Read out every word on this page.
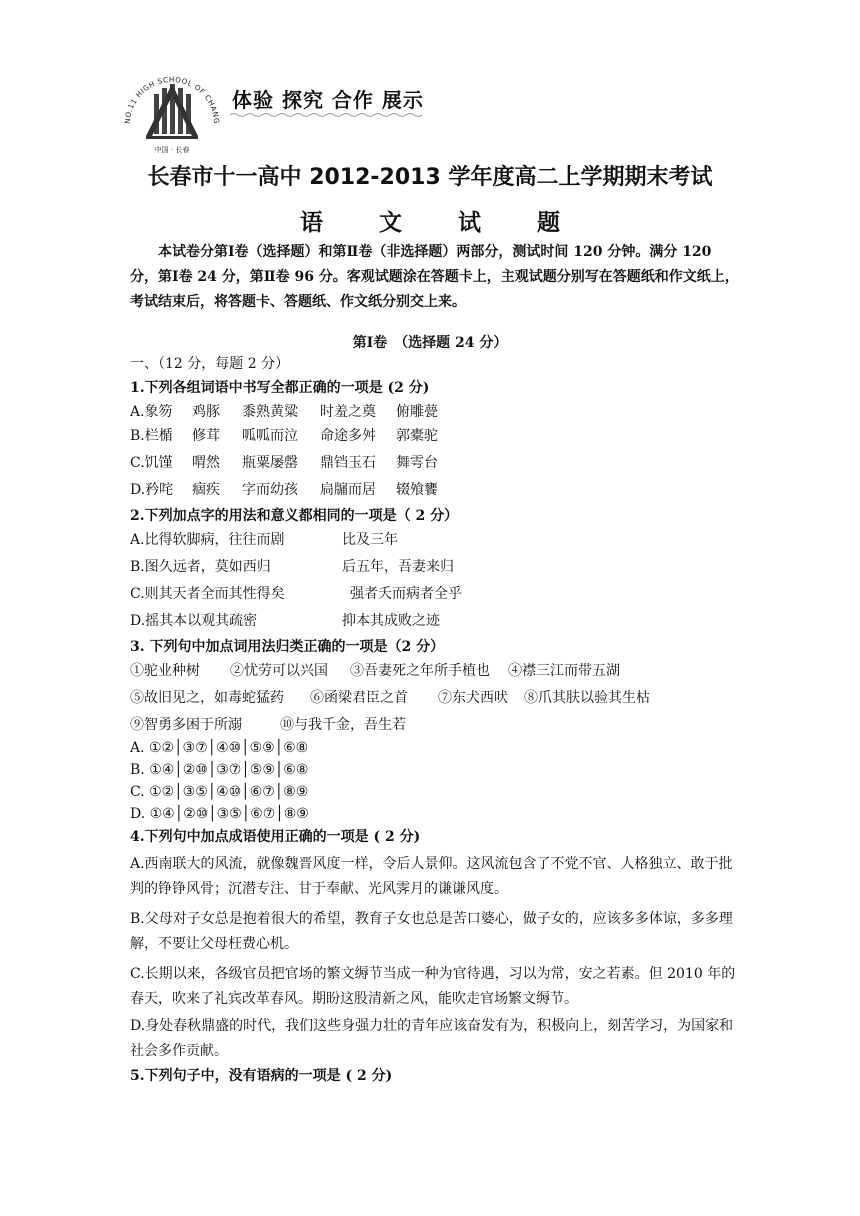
NO.11 HIGH SCHOOL OF CHANG
中国 · 长春
体验 探究 合作 展示
长春市十一高中 2012-2013 学年度高二上学期期末考试
语 文 试 题

本试卷分第Ⅰ卷（选择题）和第Ⅱ卷（非选择题）两部分，测试时间 120 分钟。满分 120 分，第Ⅰ卷 24 分，第Ⅱ卷 96 分。客观试题涂在答题卡上，主观试题分别写在答题纸和作文纸上，考试结束后，将答题卡、答题纸、作文纸分别交上来。

第Ⅰ卷　（选择题 24 分）
一、（12 分，每题 2 分）
1.下列各组词语中书写全都正确的一项是 (2 分)
A.象笏 鸡豚 黍熟黄粱 时羞之奠 俯雕甍
B.栏楯 修茸 呱呱而泣 命途多舛 郭橐驼
C.饥馑 喟然 瓶粟屡罄 鼎铛玉石 舞雩台
D.矜咤 痼疾 字而幼孩 扃牖而居 辍飧饔
2.下列加点字的用法和意义都相同的一项是（ 2 分）
A.比得软脚病，往往而剧	比及三年
B.图久远者，莫如西归	后五年，吾妻来归
C.则其天者全而其性得矣	强者夭而病者全乎
D.摇其本以观其疏密	抑本其成败之迹
3. 下列句中加点词用法归类正确的一项是（2 分）
①驼业种树 ②忧劳可以兴国 ③吾妻死之年所手植也 ④襟三江而带五湖
⑤故旧见之，如毒蛇猛药 ⑥函梁君臣之首 ⑦东犬西吠 ⑧爪其肤以验其生枯
⑨智勇多困于所溺	⑩与我千金，吾生若
A. ①②│③⑦│④⑩│⑤⑨│⑥⑧
B. ①④│②⑩│③⑦│⑤⑨│⑥⑧
C. ①②│③⑤│④⑩│⑥⑦│⑧⑨
D. ①④│②⑩│③⑤│⑥⑦│⑧⑨
4.下列句中加点成语使用正确的一项是 ( 2 分)

A.西南联大的风流，就像魏晋风度一样，令后人景仰。这风流包含了不党不官、人格独立、敢于批判的铮铮风骨；沉潜专注、甘于奉献、光风霁月的谦谦风度。

B.父母对子女总是抱着很大的希望，教育子女也总是苦口婆心，做子女的，应该多多体谅，多多理解，不要让父母枉费心机。

C.长期以来，各级官员把官场的繁文缛节当成一种为官待遇，习以为常，安之若素。但 2010 年的春天，吹来了礼宾改革春风。期盼这股清新之风，能吹走官场繁文缛节。

D.身处春秋鼎盛的时代，我们这些身强力壮的青年应该奋发有为，积极向上，刻苦学习，为国家和社会多作贡献。

5.下列句子中，没有语病的一项是 ( 2 分)
